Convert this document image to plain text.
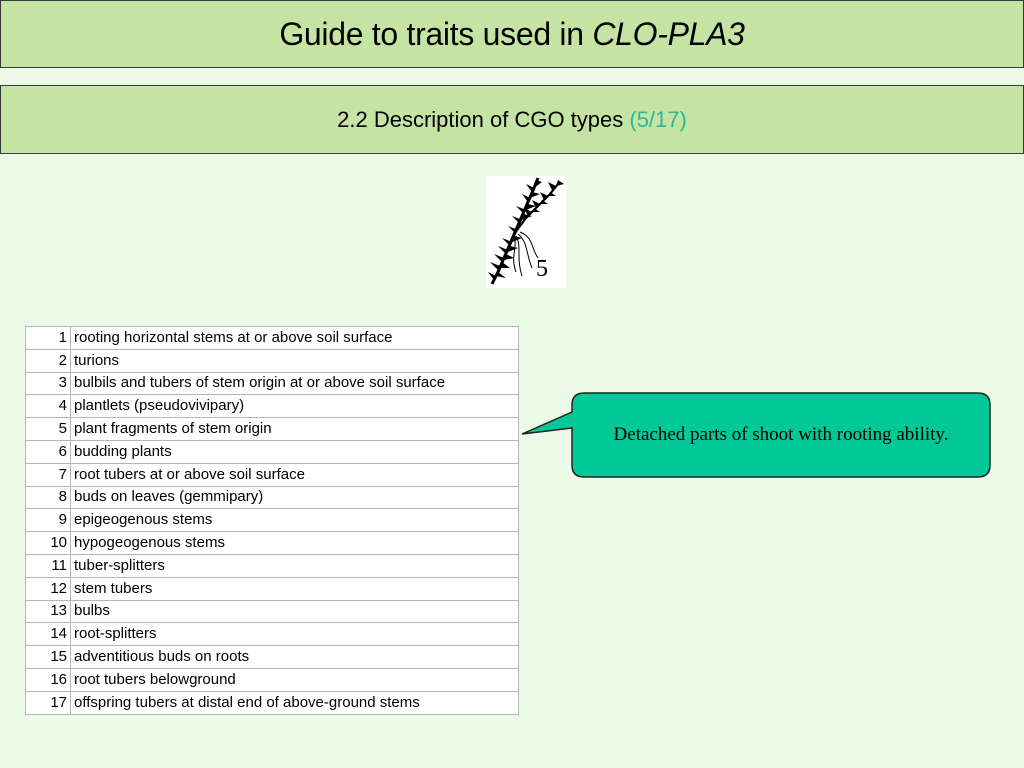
Guide to traits used in CLO-PLA3
2.2 Description of CGO types (5/17)
5
1	rooting horizontal stems at or above soil surface
2	turions
3	bulbils and tubers of stem origin at or above soil surface
4	plantlets (pseudovivipary)
5	plant fragments of stem origin
6	budding plants
7	root tubers at or above soil surface
8	buds on leaves (gemmipary)
9	epigeogenous stems
10	hypogeogenous stems
11	tuber-splitters
12	stem tubers
13	bulbs
14	root-splitters
15	adventitious buds on roots
16	root tubers belowground
17	offspring tubers at distal end of above-ground stems
Detached parts of shoot with rooting ability.
